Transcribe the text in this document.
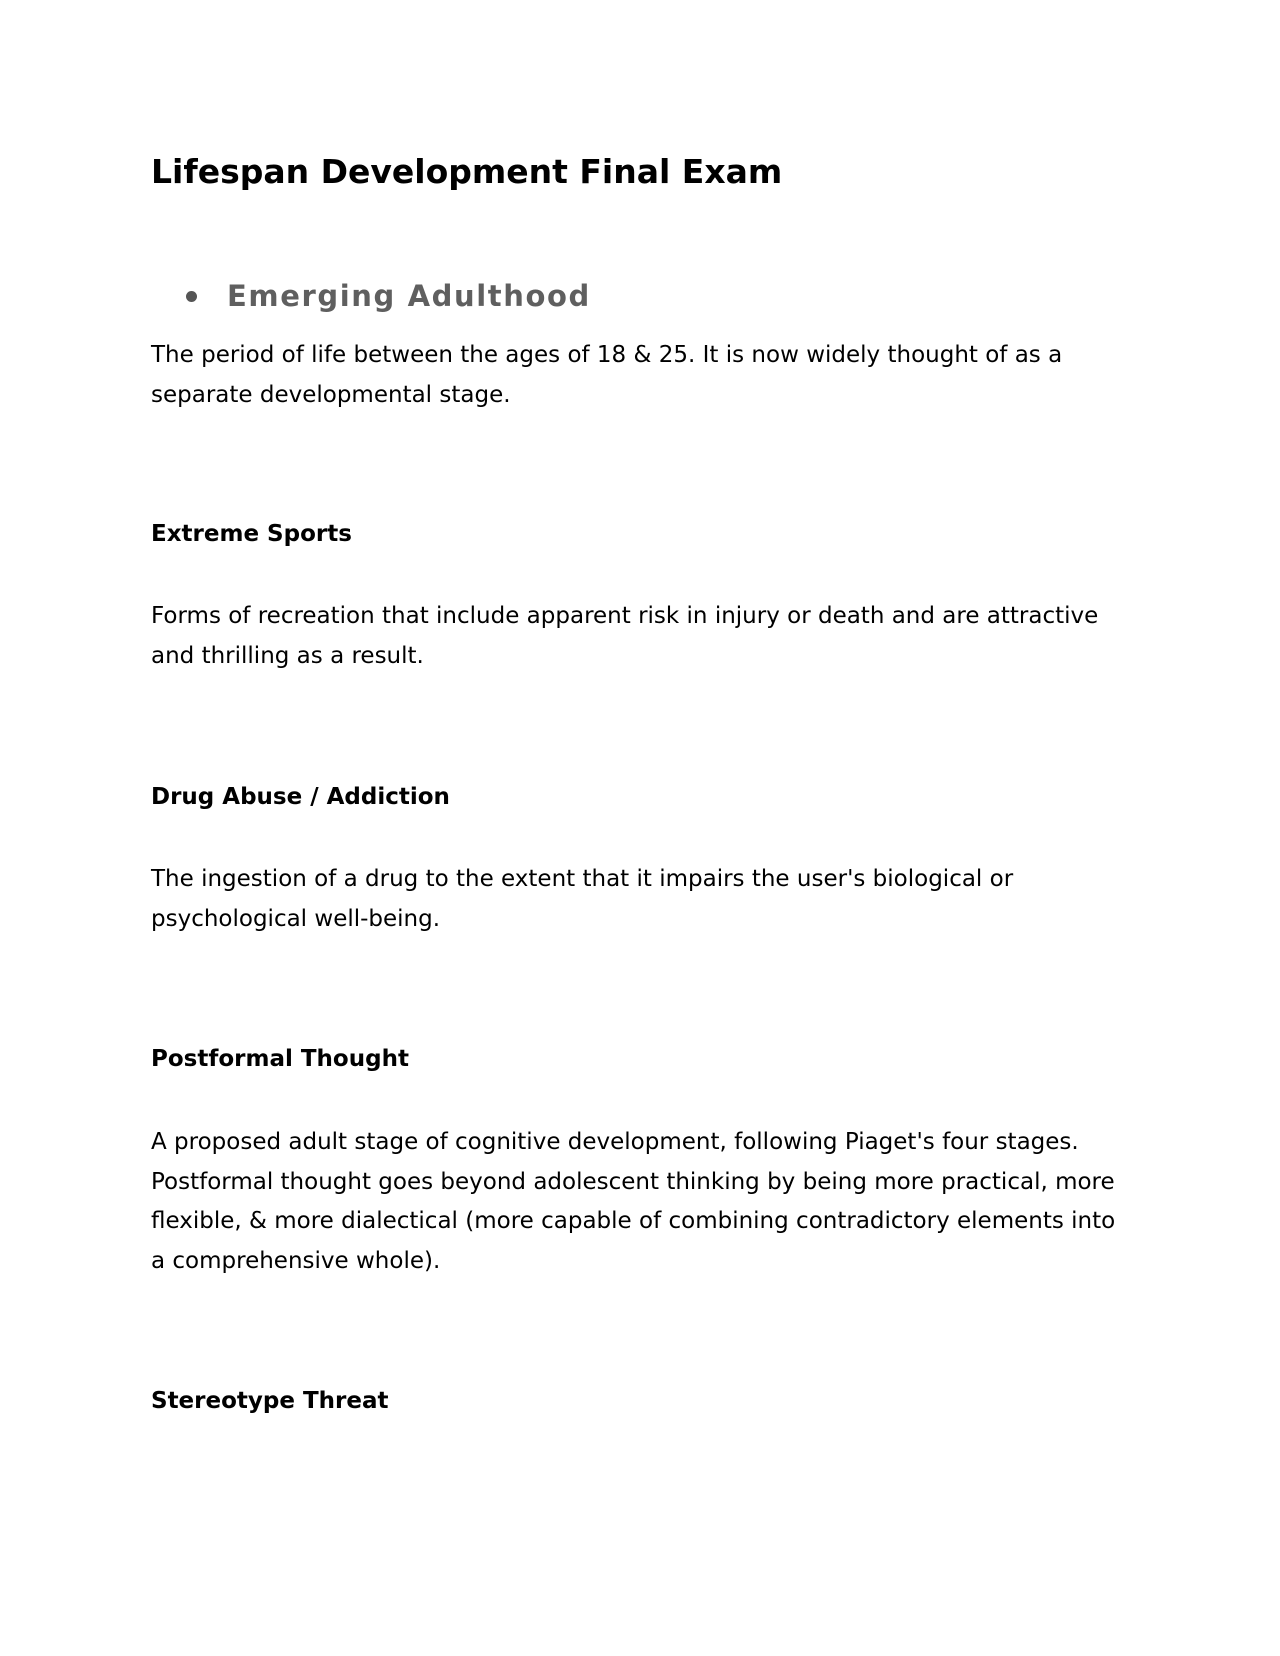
Lifespan Development Final Exam
Emerging Adulthood

The period of life between the ages of 18 & 25. It is now widely thought of as a separate developmental stage.

Extreme Sports

Forms of recreation that include apparent risk in injury or death and are attractive and thrilling as a result.

Drug Abuse / Addiction

The ingestion of a drug to the extent that it impairs the user's biological or psychological well-being.

Postformal Thought

A proposed adult stage of cognitive development, following Piaget's four stages. Postformal thought goes beyond adolescent thinking by being more practical, more flexible, & more dialectical (more capable of combining contradictory elements into a comprehensive whole).

Stereotype Threat
